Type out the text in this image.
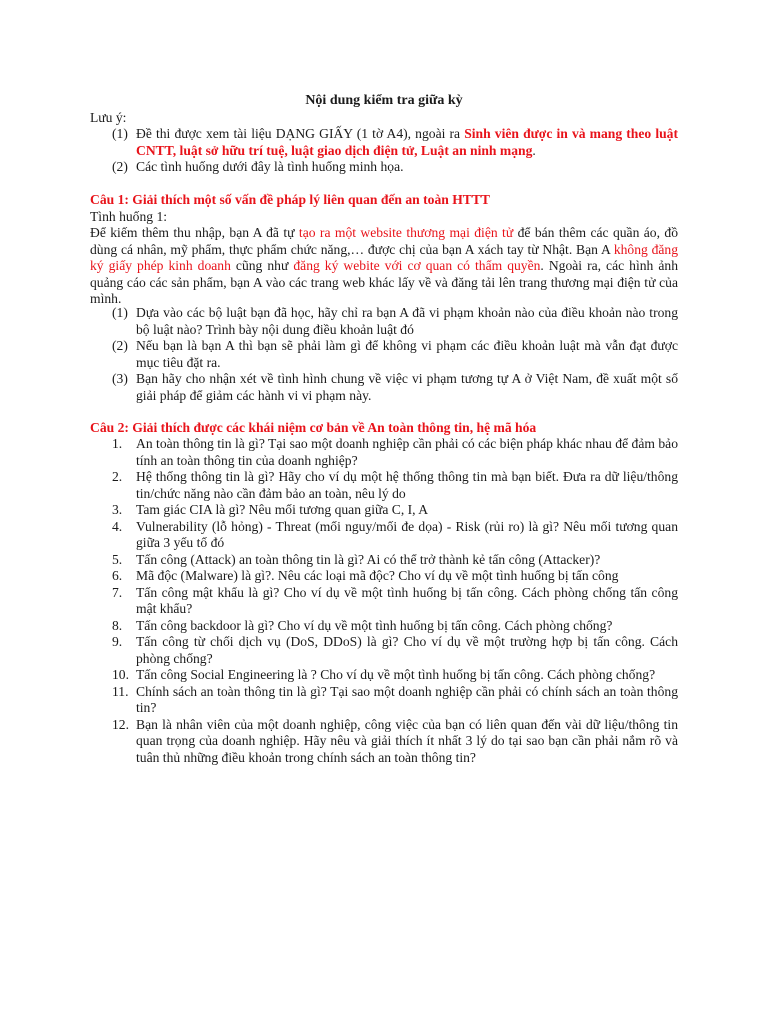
Nội dung kiểm tra giữa kỳ
Lưu ý:
(1) Đề thi được xem tài liệu DẠNG GIẤY (1 tờ A4), ngoài ra Sinh viên được in và mang theo luật CNTT, luật sở hữu trí tuệ, luật giao dịch điện tử, Luật an ninh mạng.
(2) Các tình huống dưới đây là tình huống minh họa.
Câu 1: Giải thích một số vấn đề pháp lý liên quan đến an toàn HTTT
Tình huống 1:

Để kiếm thêm thu nhập, bạn A đã tự tạo ra một website thương mại điện tử để bán thêm các quần áo, đồ dùng cá nhân, mỹ phẩm, thực phẩm chức năng,… được chị của bạn A xách tay từ Nhật. Bạn A không đăng ký giấy phép kinh doanh cũng như đăng ký webite với cơ quan có thẩm quyền. Ngoài ra, các hình ảnh quảng cáo các sản phẩm, bạn A vào các trang web khác lấy về và đăng tải lên trang thương mại điện tử của mình.

(1) Dựa vào các bộ luật bạn đã học, hãy chỉ ra bạn A đã vi phạm khoản nào của điều khoản nào trong bộ luật nào? Trình bày nội dung điều khoản luật đó
(2) Nếu bạn là bạn A thì bạn sẽ phải làm gì để không vi phạm các điều khoản luật mà vẫn đạt được mục tiêu đặt ra.
(3) Bạn hãy cho nhận xét về tình hình chung về việc vi phạm tương tự A ở Việt Nam, đề xuất một số giải pháp để giảm các hành vi vi phạm này.
Câu 2: Giải thích được các khái niệm cơ bản về An toàn thông tin, hệ mã hóa
1. An toàn thông tin là gì? Tại sao một doanh nghiệp cần phải có các biện pháp khác nhau để đảm bảo tính an toàn thông tin của doanh nghiệp?
2. Hệ thống thông tin là gì? Hãy cho ví dụ một hệ thống thông tin mà bạn biết. Đưa ra dữ liệu/thông tin/chức năng nào cần đảm bảo an toàn, nêu lý do
3. Tam giác CIA là gì? Nêu mối tương quan giữa C, I, A
4. Vulnerability (lỗ hỏng) - Threat (mối nguy/mối đe dọa) - Risk (rủi ro) là gì? Nêu mối tương quan giữa 3 yếu tố đó
5. Tấn công (Attack) an toàn thông tin là gì? Ai có thể trở thành kẻ tấn công (Attacker)?
6. Mã độc (Malware) là gì?. Nêu các loại mã độc? Cho ví dụ về một tình huống bị tấn công
7. Tấn công mật khẩu là gì? Cho ví dụ về một tình huống bị tấn công. Cách phòng chống tấn công mật khẩu?
8. Tấn công backdoor là gì? Cho ví dụ về một tình huống bị tấn công. Cách phòng chống?
9. Tấn công từ chối dịch vụ (DoS, DDoS) là gì? Cho ví dụ về một trường hợp bị tấn công. Cách phòng chống?
10. Tấn công Social Engineering là ? Cho ví dụ về một tình huống bị tấn công. Cách phòng chống?
11. Chính sách an toàn thông tin là gì? Tại sao một doanh nghiệp cần phải có chính sách an toàn thông tin?
12. Bạn là nhân viên của một doanh nghiệp, công việc của bạn có liên quan đến vài dữ liệu/thông tin quan trọng của doanh nghiệp. Hãy nêu và giải thích ít nhất 3 lý do tại sao bạn cần phải nắm rõ và tuân thủ những điều khoản trong chính sách an toàn thông tin?
